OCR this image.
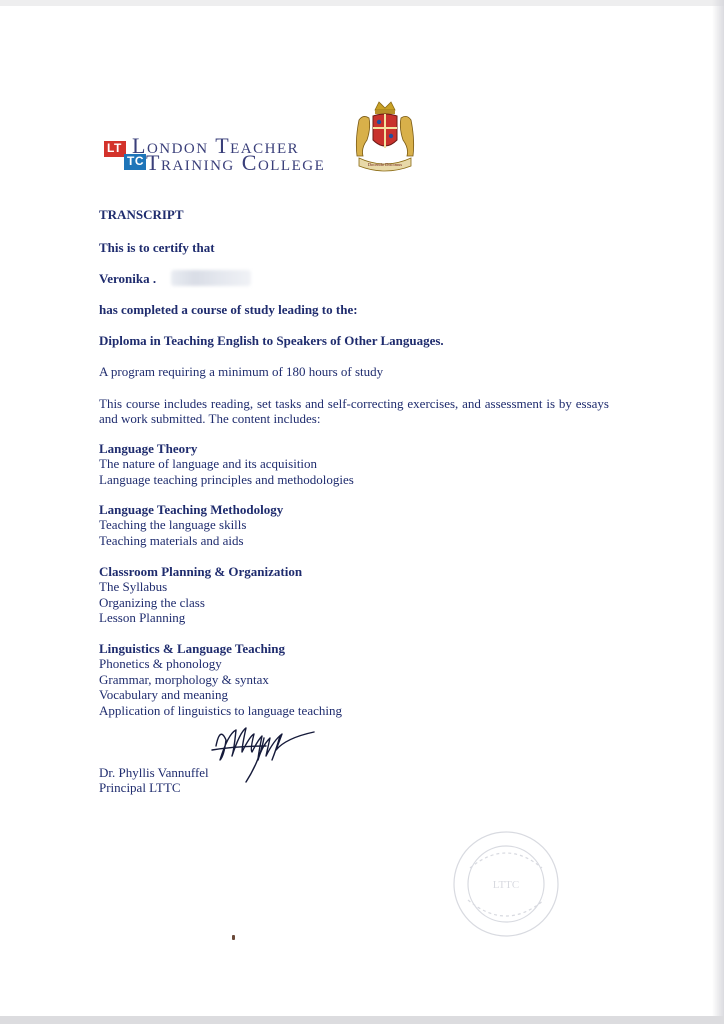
LT
TC
London Teacher
Training College	Docendo Discimus
TRANSCRIPT
This is to certify that
Veronika .
has completed a course of study leading to the:
Diploma in Teaching English to Speakers of Other Languages.
A program requiring a minimum of 180 hours of study
This course includes reading, set tasks and self-correcting exercises, and assessment is by essays and work submitted. The content includes:
Language Theory
The nature of language and its acquisition
Language teaching principles and methodologies
Language Teaching Methodology
Teaching the language skills
Teaching materials and aids
Classroom Planning & Organization
The Syllabus
Organizing the class
Lesson Planning
Linguistics & Language Teaching
Phonetics & phonology
Grammar, morphology & syntax
Vocabulary and meaning
Application of linguistics to language teaching
Dr. Phyllis Vannuffel
Principal LTTC
LTTC
